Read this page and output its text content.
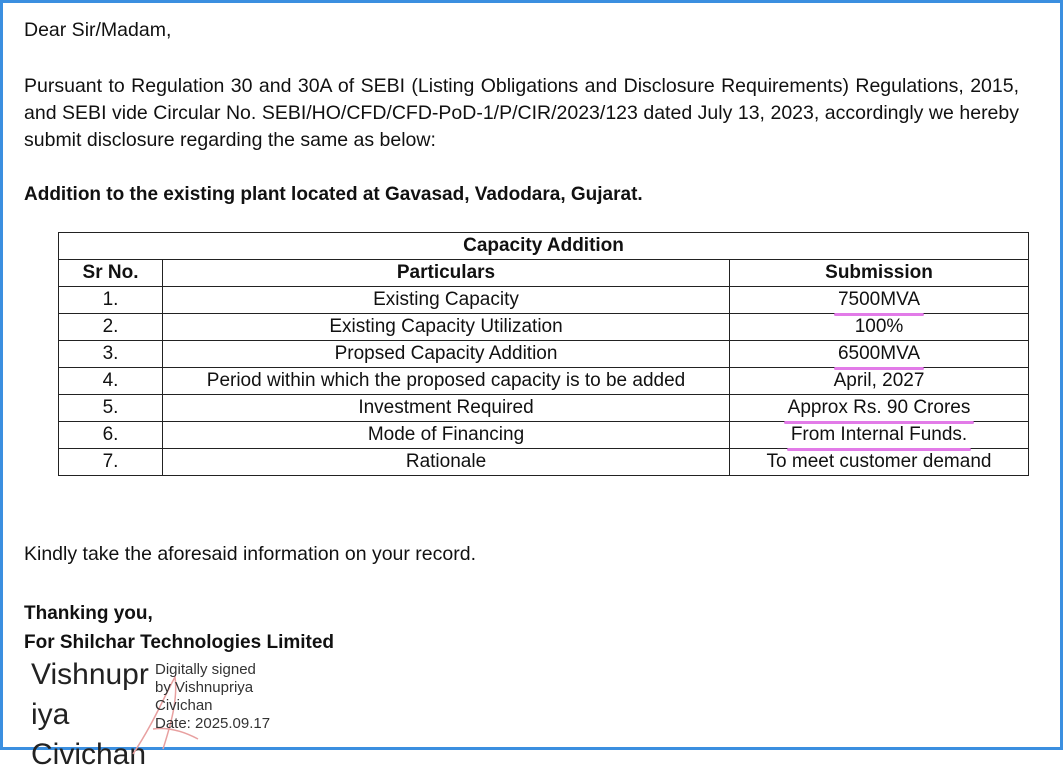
Dear Sir/Madam,

Pursuant to Regulation 30 and 30A of SEBI (Listing Obligations and Disclosure Requirements) Regulations, 2015, and SEBI vide Circular No. SEBI/HO/CFD/CFD-PoD-1/P/CIR/2023/123 dated July 13, 2023, accordingly we hereby submit disclosure regarding the same as below:

Addition to the existing plant located at Gavasad, Vadodara, Gujarat.

Capacity Addition		
Sr No.	Particulars	Submission
1.	Existing Capacity	7500MVA
2.	Existing Capacity Utilization	100%
3.	Propsed Capacity Addition	6500MVA
4.	Period within which the proposed capacity is to be added	April, 2027
5.	Investment Required	Approx Rs. 90 Crores
6.	Mode of Financing	From Internal Funds.
7.	Rationale	To meet customer demand

Kindly take the aforesaid information on your record.

Thanking you,

For Shilchar Technologies Limited

Vishnupr
iya
Civichan
Digitally signed
by Vishnupriya
Civichan
Date: 2025.09.17
